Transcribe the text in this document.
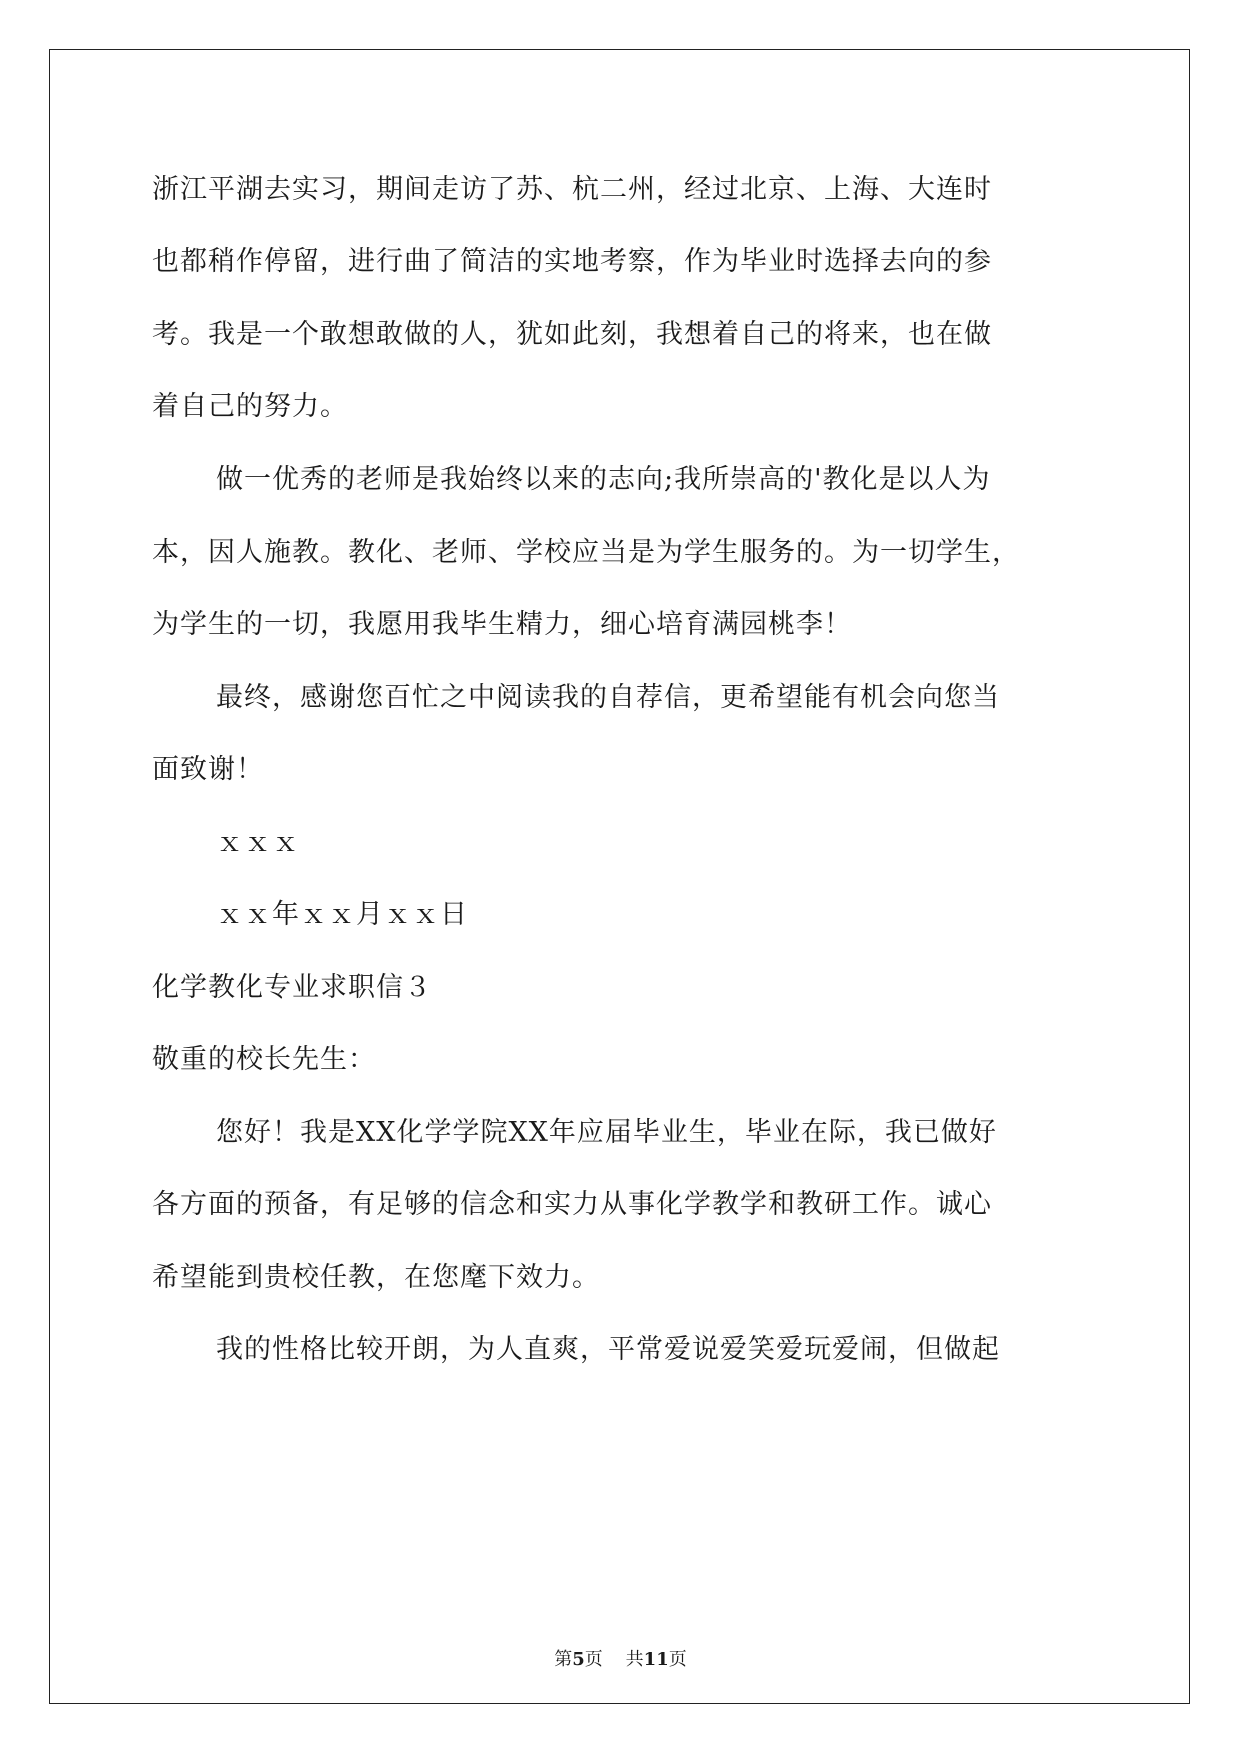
浙江平湖去实习，期间走访了苏、杭二州，经过北京、上海、大连时
也都稍作停留，进行曲了简洁的实地考察，作为毕业时选择去向的参
考。我是一个敢想敢做的人，犹如此刻，我想着自己的将来，也在做
着自己的努力。
做一优秀的老师是我始终以来的志向;我所崇高的'教化是以人为
本，因人施教。教化、老师、学校应当是为学生服务的。为一切学生，
为学生的一切，我愿用我毕生精力，细心培育满园桃李！
最终，感谢您百忙之中阅读我的自荐信，更希望能有机会向您当
面致谢！
ｘｘｘ
ｘｘ年ｘｘ月ｘｘ日
化学教化专业求职信３
敬重的校长先生：
您好！我是XX化学学院XX年应届毕业生，毕业在际，我已做好
各方面的预备，有足够的信念和实力从事化学教学和教研工作。诚心
希望能到贵校任教，在您麾下效力。
我的性格比较开朗，为人直爽，平常爱说爱笑爱玩爱闹，但做起
第5页 共11页
